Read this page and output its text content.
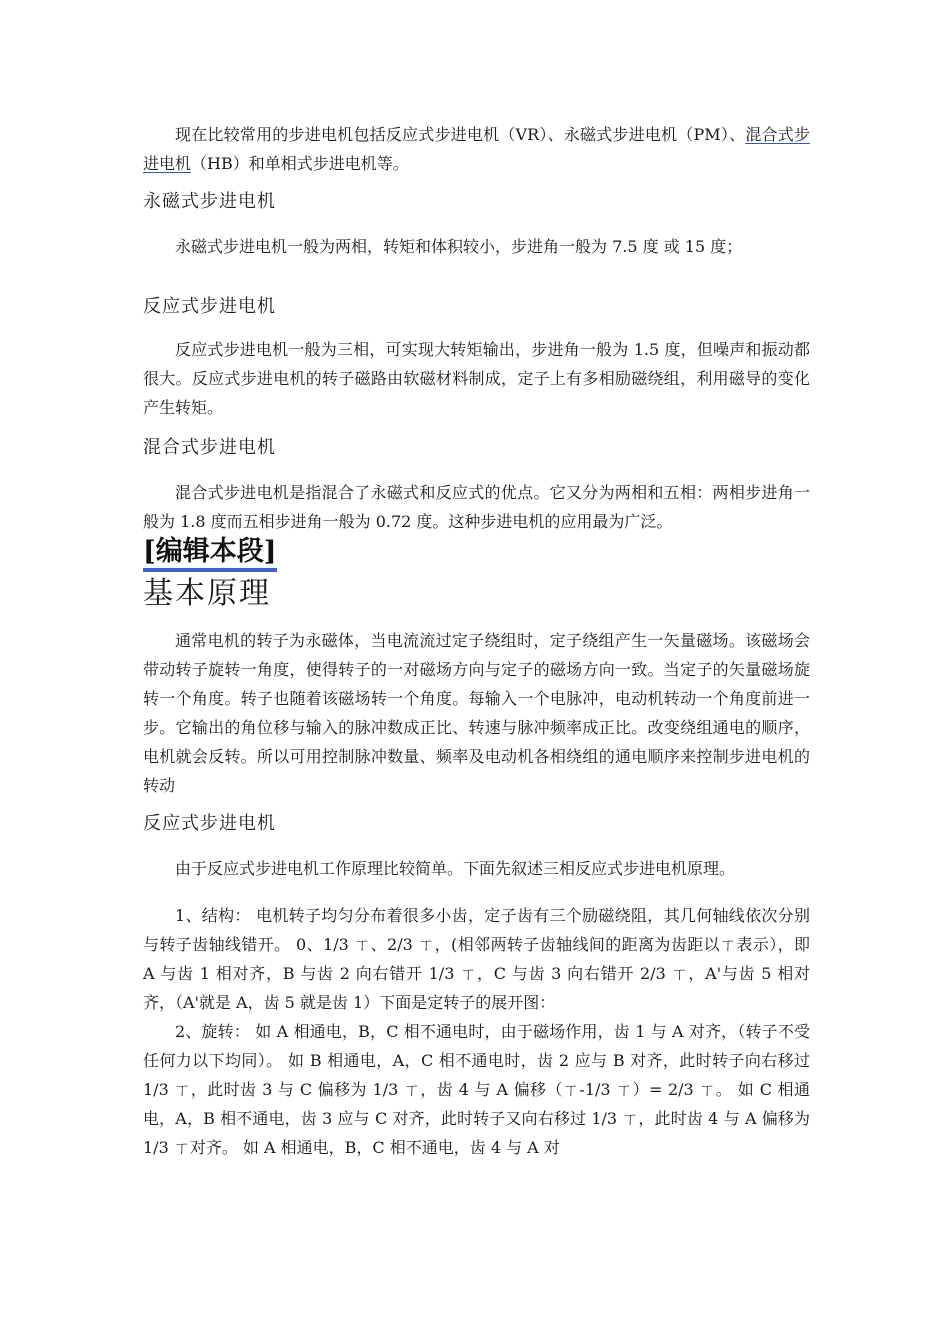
现在比较常用的步进电机包括反应式步进电机（VR）、永磁式步进电机（PM）、混合式步进电机（HB）和单相式步进电机等。

永磁式步进电机

永磁式步进电机一般为两相，转矩和体积较小，步进角一般为 7.5 度 或 15 度；

反应式步进电机

反应式步进电机一般为三相，可实现大转矩输出，步进角一般为 1.5 度，但噪声和振动都很大。反应式步进电机的转子磁路由软磁材料制成，定子上有多相励磁绕组，利用磁导的变化产生转矩。

混合式步进电机

混合式步进电机是指混合了永磁式和反应式的优点。它又分为两相和五相：两相步进角一般为 1.8 度而五相步进角一般为 0.72 度。这种步进电机的应用最为广泛。

[编辑本段]
基本原理

通常电机的转子为永磁体，当电流流过定子绕组时，定子绕组产生一矢量磁场。该磁场会带动转子旋转一角度，使得转子的一对磁场方向与定子的磁场方向一致。当定子的矢量磁场旋转一个角度。转子也随着该磁场转一个角度。每输入一个电脉冲，电动机转动一个角度前进一步。它输出的角位移与输入的脉冲数成正比、转速与脉冲频率成正比。改变绕组通电的顺序，电机就会反转。所以可用控制脉冲数量、频率及电动机各相绕组的通电顺序来控制步进电机的转动

反应式步进电机

由于反应式步进电机工作原理比较简单。下面先叙述三相反应式步进电机原理。

1、结构： 电机转子均匀分布着很多小齿，定子齿有三个励磁绕阻，其几何轴线依次分别与转子齿轴线错开。 0、1/3 ㄒ、2/3 ㄒ，(相邻两转子齿轴线间的距离为齿距以ㄒ表示），即 A 与齿 1 相对齐，B 与齿 2 向右错开 1/3 ㄒ，C 与齿 3 向右错开 2/3 ㄒ，A'与齿 5 相对齐，（A'就是 A，齿 5 就是齿 1）下面是定转子的展开图：

2、旋转： 如 A 相通电，B，C 相不通电时，由于磁场作用，齿 1 与 A 对齐，（转子不受任何力以下均同）。 如 B 相通电，A，C 相不通电时，齿 2 应与 B 对齐，此时转子向右移过 1/3 ㄒ，此时齿 3 与 C 偏移为 1/3 ㄒ，齿 4 与 A 偏移（ㄒ-1/3 ㄒ）= 2/3 ㄒ。 如 C 相通电，A，B 相不通电，齿 3 应与 C 对齐，此时转子又向右移过 1/3 ㄒ，此时齿 4 与 A 偏移为 1/3 ㄒ对齐。 如 A 相通电，B，C 相不通电，齿 4 与 A 对
